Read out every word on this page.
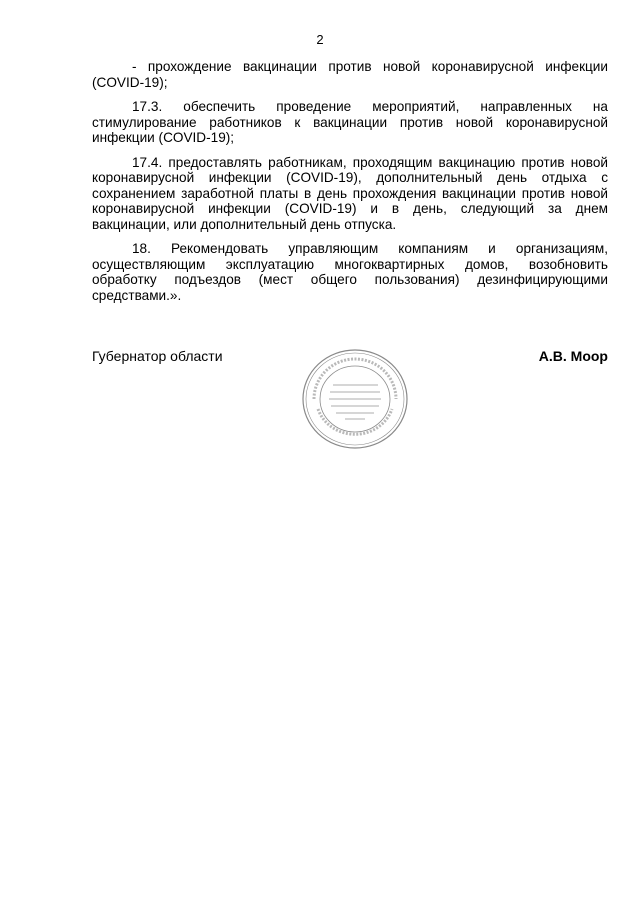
2

- прохождение вакцинации против новой коронавирусной инфекции (COVID-19);

17.3. обеспечить проведение мероприятий, направленных на стимулирование работников к вакцинации против новой коронавирусной инфекции (COVID-19);

17.4. предоставлять работникам, проходящим вакцинацию против новой коронавирусной инфекции (COVID-19), дополнительный день отдыха с сохранением заработной платы в день прохождения вакцинации против новой коронавирусной инфекции (COVID-19) и в день, следующий за днем вакцинации, или дополнительный день отпуска.

18. Рекомендовать управляющим компаниям и организациям, осуществляющим эксплуатацию многоквартирных домов, возобновить обработку подъездов (мест общего пользования) дезинфицирующими средствами.».

Губернатор области	А.В. Моор
